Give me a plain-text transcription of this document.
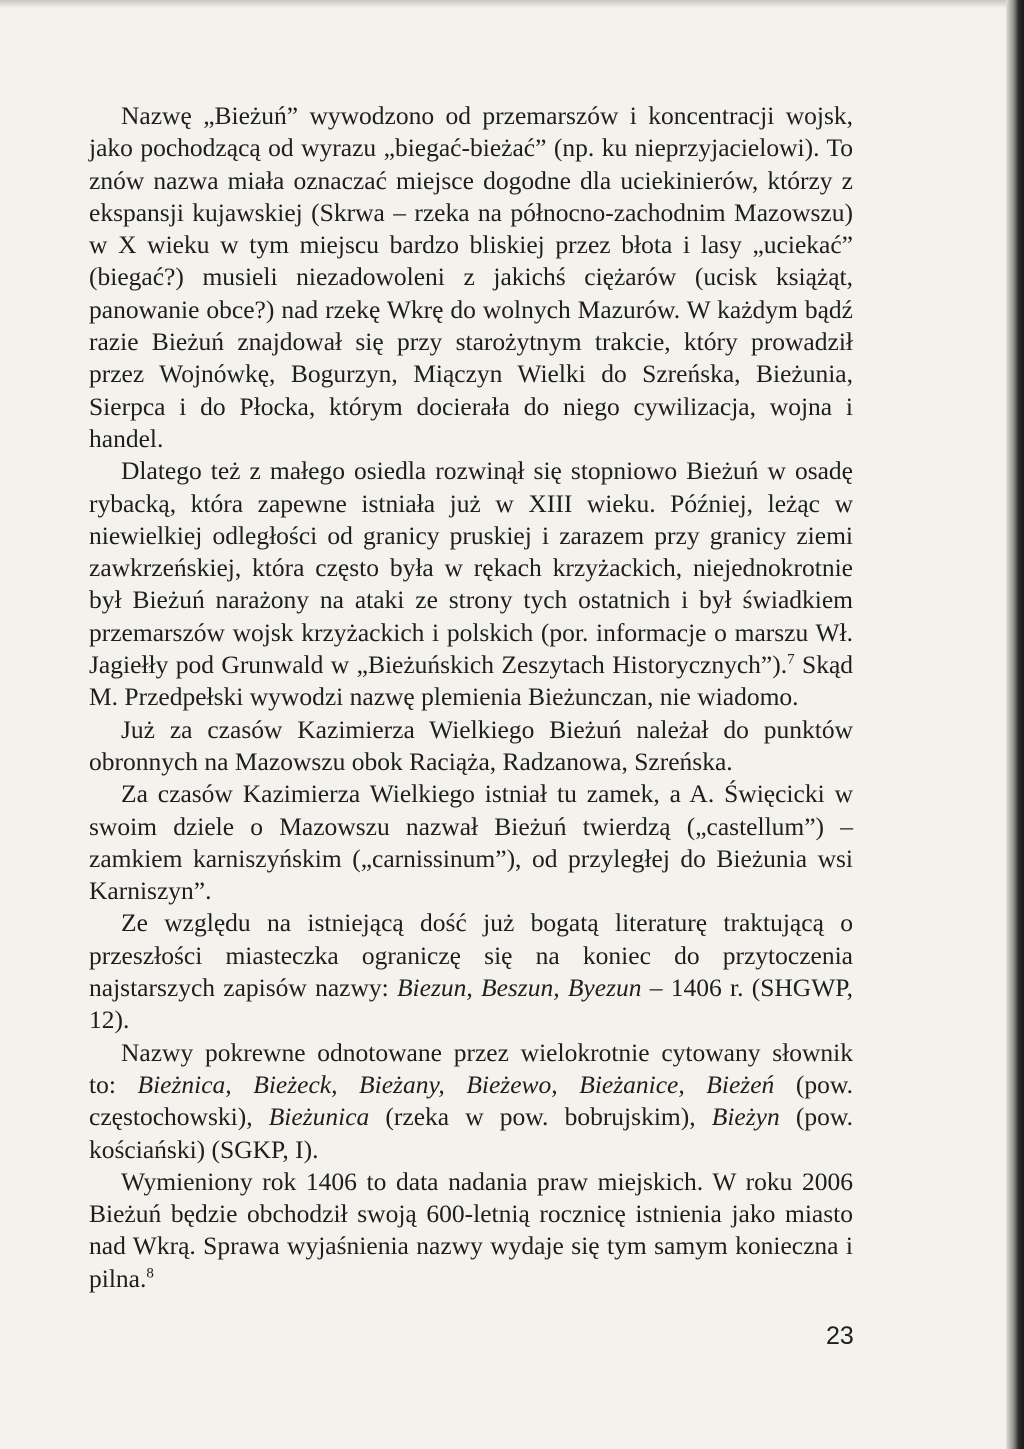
Nazwę „Bieżuń” wywodzono od przemarszów i koncentracji wojsk, jako pochodzącą od wyrazu „biegać-bieżać” (np. ku nieprzyjacielowi). To znów nazwa miała oznaczać miejsce dogodne dla uciekinierów, którzy z ekspansji kujawskiej (Skrwa – rzeka na północno-zachodnim Mazowszu) w X wieku w tym miejscu bardzo bliskiej przez błota i lasy „uciekać” (biegać?) musieli niezadowoleni z jakichś ciężarów (ucisk książąt, panowanie obce?) nad rzekę Wkrę do wolnych Mazurów. W każdym bądź razie Bieżuń znajdował się przy starożytnym trakcie, który prowadził przez Wojnówkę, Bogurzyn, Miączyn Wielki do Szreńska, Bieżunia, Sierpca i do Płocka, którym docierała do niego cywilizacja, wojna i handel.

Dlatego też z małego osiedla rozwinął się stopniowo Bieżuń w osadę rybacką, która zapewne istniała już w XIII wieku. Później, leżąc w niewielkiej odległości od granicy pruskiej i zarazem przy granicy ziemi zawkrzeńskiej, która często była w rękach krzyżackich, niejednokrotnie był Bieżuń narażony na ataki ze strony tych ostatnich i był świadkiem przemarszów wojsk krzyżackich i polskich (por. informacje o marszu Wł. Jagiełły pod Grunwald w „Bieżuńskich Zeszytach Historycznych”).$^7$ Skąd M. Przedpełski wywodzi nazwę plemienia Bieżunczan, nie wiadomo.

Już za czasów Kazimierza Wielkiego Bieżuń należał do punktów obronnych na Mazowszu obok Raciąża, Radzanowa, Szreńska.

Za czasów Kazimierza Wielkiego istniał tu zamek, a A. Święcicki w swoim dziele o Mazowszu nazwał Bieżuń twierdzą („castellum”) – zamkiem karniszyńskim („carnissinum”), od przyległej do Bieżunia wsi Karniszyn”.

Ze względu na istniejącą dość już bogatą literaturę traktującą o przeszłości miasteczka ograniczę się na koniec do przytoczenia najstarszych zapisów nazwy: Biezun, Beszun, Byezun – 1406 r. (SHGWP, 12).

Nazwy pokrewne odnotowane przez wielokrotnie cytowany słownik to: Bieżnica, Bieżeck, Bieżany, Bieżewo, Bieżanice, Bieżeń (pow. częstochowski), Bieżunica (rzeka w pow. bobrujskim), Bieżyn (pow. kościański) (SGKP, I).

Wymieniony rok 1406 to data nadania praw miejskich. W roku 2006 Bieżuń będzie obchodził swoją 600-letnią rocznicę istnienia jako miasto nad Wkrą. Sprawa wyjaśnienia nazwy wydaje się tym samym konieczna i pilna.$^8$

23
